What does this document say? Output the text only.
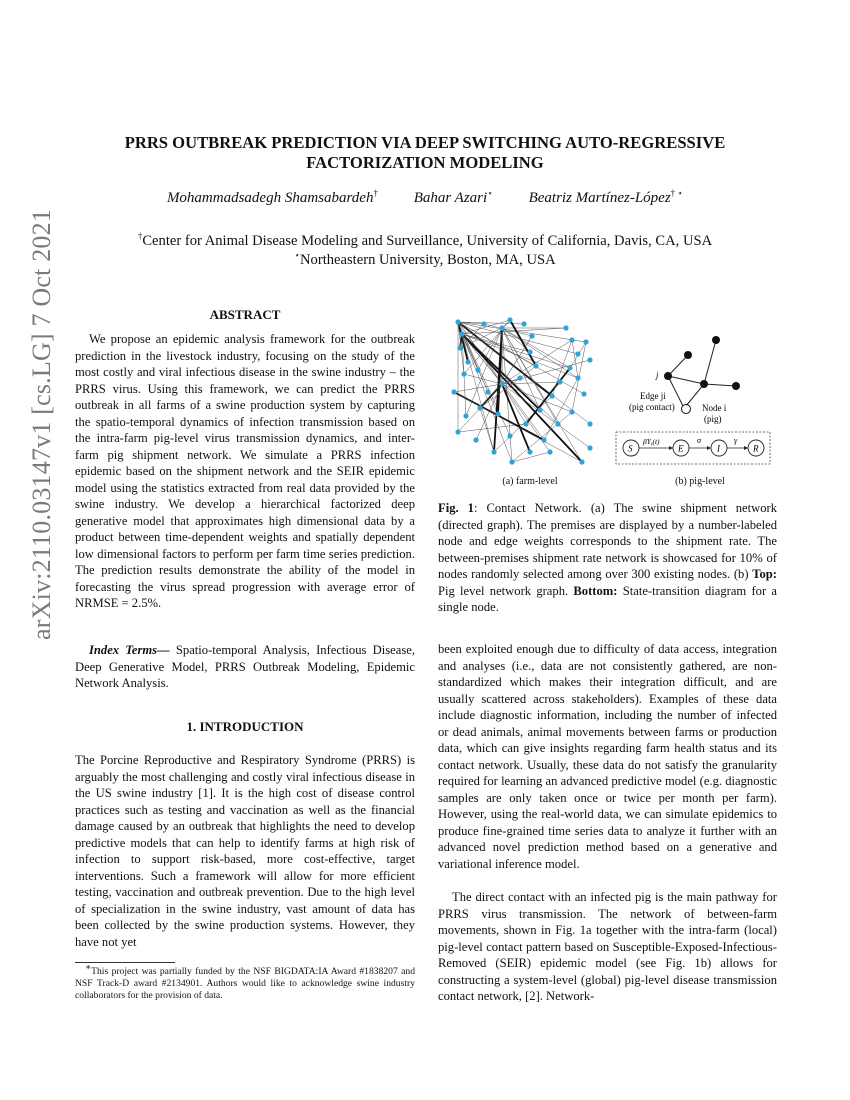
arXiv:2110.03147v1 [cs.LG] 7 Oct 2021
PRRS OUTBREAK PREDICTION VIA DEEP SWITCHING AUTO-REGRESSIVE
FACTORIZATION MODELING
Mohammadsadegh Shamsabardeh† Bahar Azari⋆ Beatriz Martínez-López† ⋆
†Center for Animal Disease Modeling and Surveillance, University of California, Davis, CA, USA
⋆Northeastern University, Boston, MA, USA
ABSTRACT

We propose an epidemic analysis framework for the outbreak prediction in the livestock industry, focusing on the study of the most costly and viral infectious disease in the swine industry – the PRRS virus. Using this framework, we can predict the PRRS outbreak in all farms of a swine production system by capturing the spatio-temporal dynamics of infection transmission based on the intra-farm pig-level virus transmission dynamics, and inter-farm pig shipment network. We simulate a PRRS infection epidemic based on the shipment network and the SEIR epidemic model using the statistics extracted from real data provided by the swine industry. We develop a hierarchical factorized deep generative model that approximates high dimensional data by a product between time-dependent weights and spatially dependent low dimensional factors to perform per farm time series prediction. The prediction results demonstrate the ability of the model in forecasting the virus spread progression with average error of NRMSE = 2.5%.

Index Terms— Spatio-temporal Analysis, Infectious Disease, Deep Generative Model, PRRS Outbreak Modeling, Epidemic Network Analysis.

1. INTRODUCTION

The Porcine Reproductive and Respiratory Syndrome (PRRS) is arguably the most challenging and costly viral infectious disease in the US swine industry [1]. It is the high cost of disease control practices such as testing and vaccination as well as the financial damage caused by an outbreak that highlights the need to develop predictive models that can help to identify farms at high risk of infection to support risk-based, more cost-effective, target interventions. Such a framework will allow for more efficient testing, vaccination and outbreak prevention. Due to the high level of specialization in the swine industry, vast amount of data has been collected by the swine production systems. However, they have not yet

∗This project was partially funded by the NSF BIGDATA:IA Award #1838207 and NSF Track-D award #2134901. Authors would like to acknowledge swine industry collaborators for the provision of data.
j
Edge ji
(pig contact)	Node i
(pig)
S	E	I	R
$\beta Y_i(t)$	σ	γ
(a) farm-level	(b) pig-level

Fig. 1: Contact Network. (a) The swine shipment network (directed graph). The premises are displayed by a number-labeled node and edge weights corresponds to the shipment rate. The between-premises shipment rate network is showcased for 10% of nodes randomly selected among over 300 existing nodes. (b) Top: Pig level network graph. Bottom: State-transition diagram for a single node.

been exploited enough due to difficulty of data access, integration and analyses (i.e., data are not consistently gathered, are non-standardized which makes their integration difficult, and are usually scattered across stakeholders). Examples of these data include diagnostic information, including the number of infected or dead animals, animal movements between farms or production data, which can give insights regarding farm health status and its contact network. Usually, these data do not satisfy the granularity required for learning an advanced predictive model (e.g. diagnostic samples are only taken once or twice per month per farm). However, using the real-world data, we can simulate epidemics to produce fine-grained time series data to analyze it further with an advanced novel prediction method based on a generative and variational inference model.

The direct contact with an infected pig is the main pathway for PRRS virus transmission. The network of between-farm movements, shown in Fig. 1a together with the intra-farm (local) pig-level contact pattern based on Susceptible-Exposed-Infectious-Removed (SEIR) epidemic model (see Fig. 1b) allows for constructing a system-level (global) pig-level disease transmission contact network, [2]. Network-
